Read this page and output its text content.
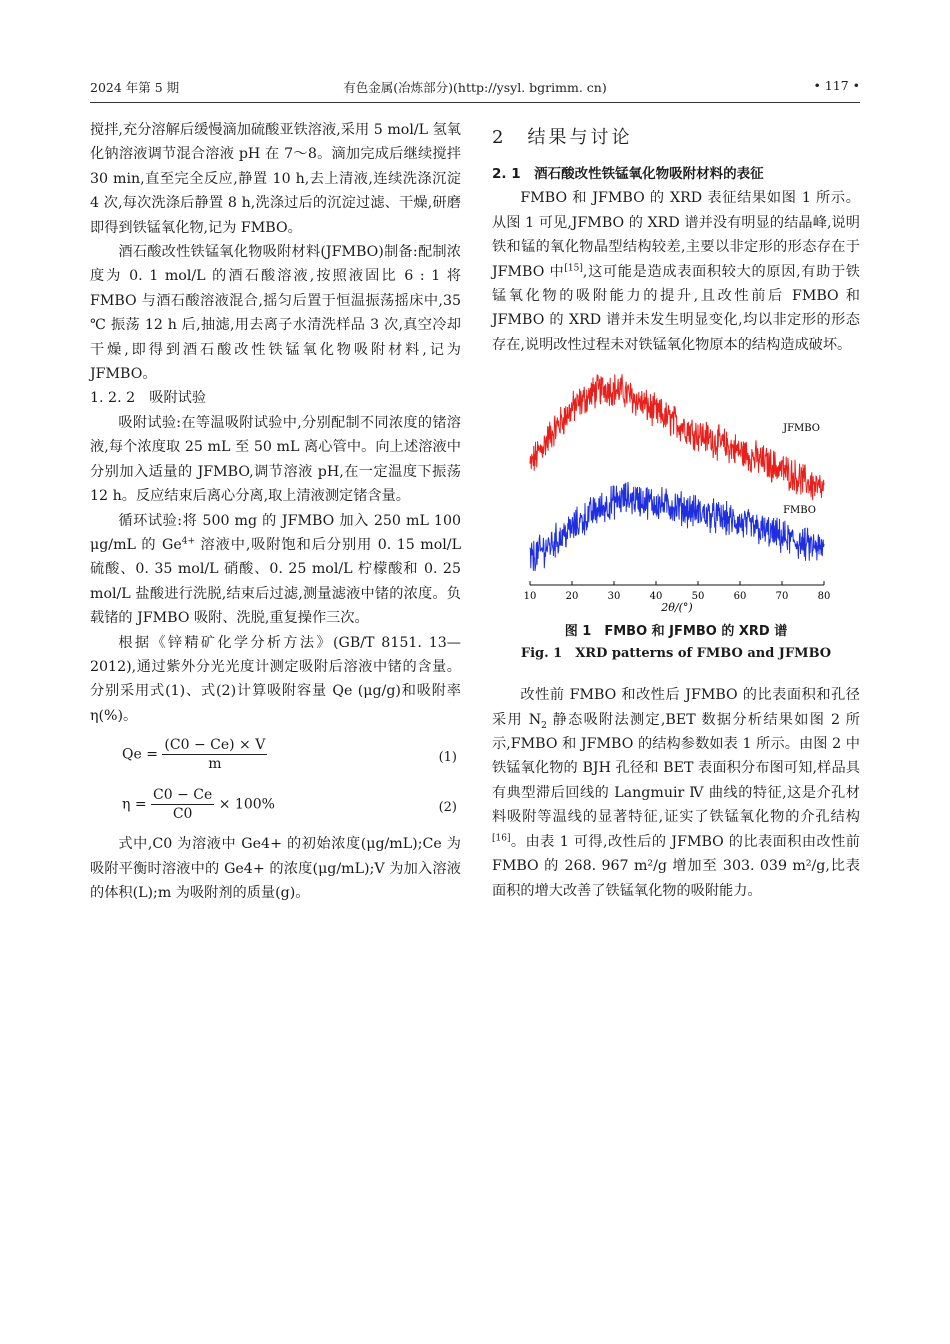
2024 年第 5 期	有色金属(冶炼部分)(http://ysyl. bgrimm. cn)	• 117 •

搅拌,充分溶解后缓慢滴加硫酸亚铁溶液,采用 5 mol/L 氢氧化钠溶液调节混合溶液 pH 在 7～8。滴加完成后继续搅拌 30 min,直至完全反应,静置 10 h,去上清液,连续洗涤沉淀 4 次,每次洗涤后静置 8 h,洗涤过后的沉淀过滤、干燥,研磨即得到铁锰氧化物,记为 FMBO。

酒石酸改性铁锰氧化物吸附材料(JFMBO)制备:配制浓度为 0. 1 mol/L 的酒石酸溶液,按照液固比 6 : 1 将 FMBO 与酒石酸溶液混合,摇匀后置于恒温振荡摇床中,35 ℃ 振荡 12 h 后,抽滤,用去离子水清洗样品 3 次,真空冷却干燥,即得到酒石酸改性铁锰氧化物吸附材料,记为 JFMBO。

1. 2. 2　吸附试验

吸附试验:在等温吸附试验中,分别配制不同浓度的锗溶液,每个浓度取 25 mL 至 50 mL 离心管中。向上述溶液中分别加入适量的 JFMBO,调节溶液 pH,在一定温度下振荡 12 h。反应结束后离心分离,取上清液测定锗含量。

循环试验:将 500 mg 的 JFMBO 加入 250 mL 100 μg/mL 的 $Ge^{4+}$ 溶液中,吸附饱和后分别用 0. 15 mol/L 硫酸、0. 35 mol/L 硝酸、0. 25 mol/L 柠檬酸和 0. 25 mol/L 盐酸进行洗脱,结束后过滤,测量滤液中锗的浓度。负载锗的 JFMBO 吸附、洗脱,重复操作三次。

根据《锌精矿化学分析方法》(GB/T 8151. 13—2012),通过紫外分光光度计测定吸附后溶液中锗的含量。分别采用式(1)、式(2)计算吸附容量 Qe (μg/g)和吸附率 η(%)。

$Qe = \frac{(C0 - Ce) \times V}{m}$	(1)
$\eta = \frac{C0 - Ce}{C0} \times 100\%$	(2)

式中,C0 为溶液中 Ge4+ 的初始浓度(μg/mL);Ce 为吸附平衡时溶液中的 Ge4+ 的浓度(μg/mL);V 为加入溶液的体积(L);m 为吸附剂的质量(g)。

2　结果与讨论

2. 1　酒石酸改性铁锰氧化物吸附材料的表征

FMBO 和 JFMBO 的 XRD 表征结果如图 1 所示。从图 1 可见,JFMBO 的 XRD 谱并没有明显的结晶峰,说明铁和锰的氧化物晶型结构较差,主要以非定形的形态存在于 JFMBO 中[15],这可能是造成表面积较大的原因,有助于铁锰氧化物的吸附能力的提升,且改性前后 FMBO 和 JFMBO 的 XRD 谱并未发生明显变化,均以非定形的形态存在,说明改性过程未对铁锰氧化物原本的结构造成破坏。

10	20	30	40	50	60	70	80
2θ/(°)
JFMBO
FMBO
图 1　FMBO 和 JFMBO 的 XRD 谱
Fig. 1　XRD patterns of FMBO and JFMBO

改性前 FMBO 和改性后 JFMBO 的比表面积和孔径采用 $N_2$ 静态吸附法测定,BET 数据分析结果如图 2 所示,FMBO 和 JFMBO 的结构参数如表 1 所示。由图 2 中铁锰氧化物的 BJH 孔径和 BET 表面积分布图可知,样品具有典型滞后回线的 Langmuir Ⅳ 曲线的特征,这是介孔材料吸附等温线的显著特征,证实了铁锰氧化物的介孔结构[16]。由表 1 可得,改性后的 JFMBO 的比表面积由改性前 FMBO 的 268. 967 m²/g 增加至 303. 039 m²/g,比表面积的增大改善了铁锰氧化物的吸附能力。
